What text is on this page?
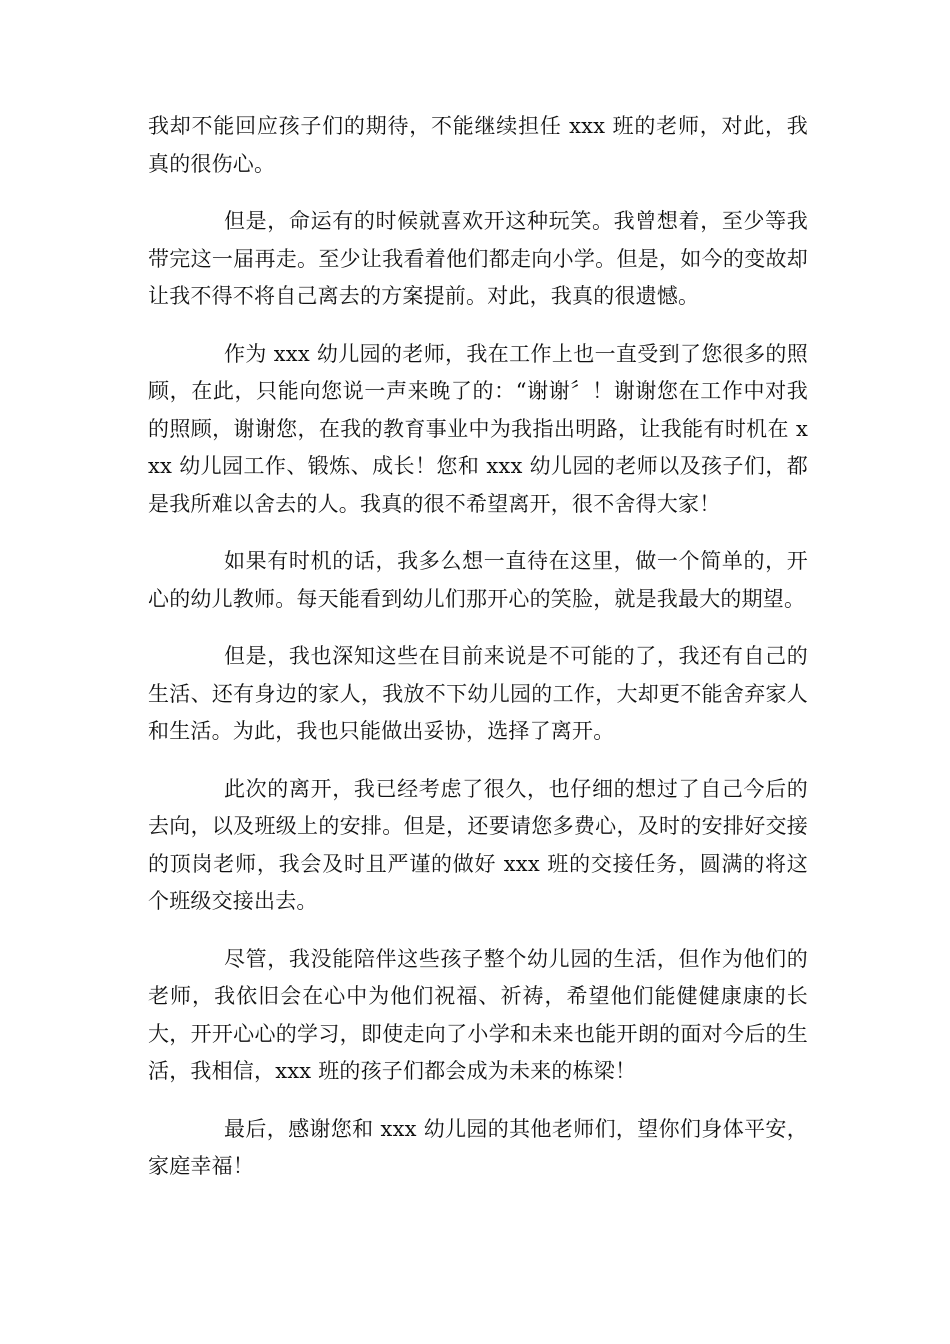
我却不能回应孩子们的期待，不能继续担任 xxx 班的老师，对此，我真的很伤心。

但是，命运有的时候就喜欢开这种玩笑。我曾想着，至少等我带完这一届再走。至少让我看着他们都走向小学。但是，如今的变故却让我不得不将自己离去的方案提前。对此，我真的很遗憾。

作为 xxx 幼儿园的老师，我在工作上也一直受到了您很多的照顾，在此，只能向您说一声来晚了的：“谢谢〞！谢谢您在工作中对我的照顾，谢谢您，在我的教育事业中为我指出明路，让我能有时机在 xxx 幼儿园工作、锻炼、成长！您和 xxx 幼儿园的老师以及孩子们，都是我所难以舍去的人。我真的很不希望离开，很不舍得大家！

如果有时机的话，我多么想一直待在这里，做一个简单的，开心的幼儿教师。每天能看到幼儿们那开心的笑脸，就是我最大的期望。

但是，我也深知这些在目前来说是不可能的了，我还有自己的生活、还有身边的家人，我放不下幼儿园的工作，大却更不能舍弃家人和生活。为此，我也只能做出妥协，选择了离开。

此次的离开，我已经考虑了很久，也仔细的想过了自己今后的去向，以及班级上的安排。但是，还要请您多费心，及时的安排好交接的顶岗老师，我会及时且严谨的做好 xxx 班的交接任务，圆满的将这个班级交接出去。

尽管，我没能陪伴这些孩子整个幼儿园的生活，但作为他们的老师，我依旧会在心中为他们祝福、祈祷，希望他们能健健康康的长大，开开心心的学习，即使走向了小学和未来也能开朗的面对今后的生活，我相信，xxx 班的孩子们都会成为未来的栋梁！

最后，感谢您和 xxx 幼儿园的其他老师们，望你们身体平安，家庭幸福！
